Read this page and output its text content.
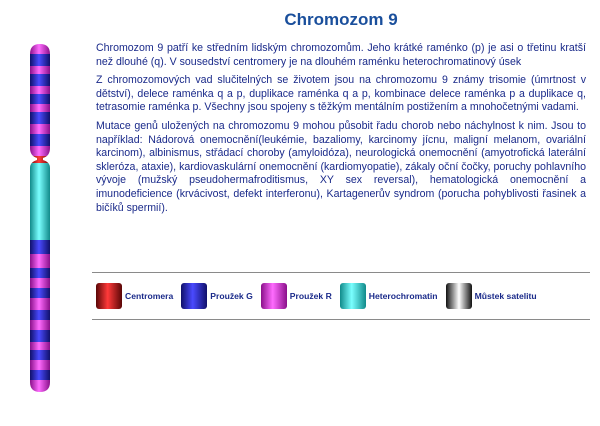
Chromozom 9

Chromozom 9 patří ke středním lidským chromozomům. Jeho krátké raménko (p) je asi o třetinu kratší než dlouhé (q). V sousedství centromery je na dlouhém raménku heterochromatinový úsek

Z chromozomových vad slučitelných se životem jsou na chromozomu 9 známy trisomie (úmrtnost v dětství), delece raménka q a p, duplikace raménka q a p, kombinace delece raménka p a duplikace q, tetrasomie raménka p. Všechny jsou spojeny s těžkým mentálním postižením a mnohočetnými vadami.

Mutace genů uložených na chromozomu 9 mohou působit řadu chorob nebo náchylnost k nim. Jsou to například: Nádorová onemocnění(leukémie, bazaliomy, karcinomy jícnu, maligní melanom, ovariální karcinom), albinismus, střádací choroby (amyloidóza), neurologická onemocnění (amyotrofická laterální skleróza, ataxie), kardiovaskulární onemocnění (kardiomyopatie), zákaly oční čočky, poruchy pohlavního vývoje (mužský pseudohermafroditismus, XY sex reversal), hematologická onemocnění a imunodeficience (krvácivost, defekt interferonu), Kartagenerův syndrom (porucha pohyblivosti řasinek a bičíků spermií).

Centromera	Proužek G	Proužek R	Heterochromatin	Můstek satelitu
